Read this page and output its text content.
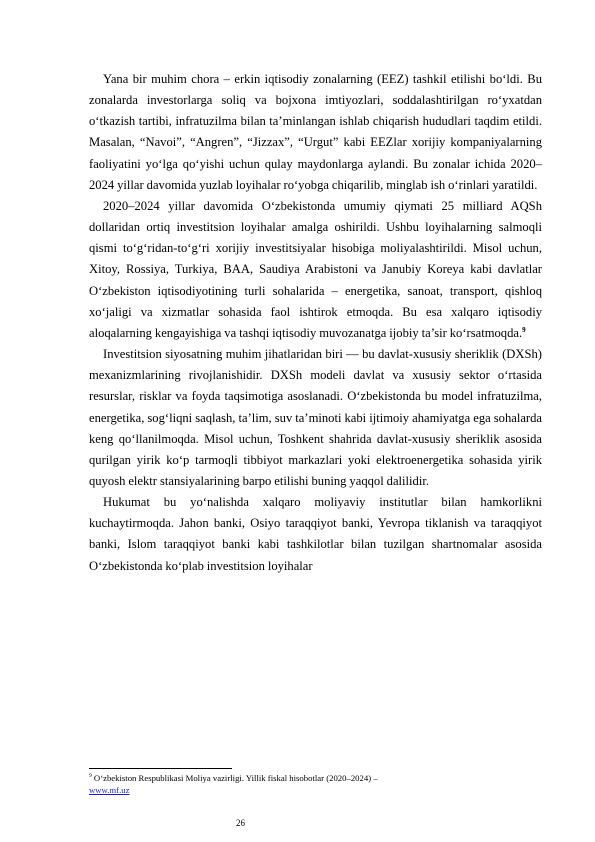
Yana bir muhim chora – erkin iqtisodiy zonalarning (EEZ) tashkil etilishi bo‘ldi. Bu zonalarda investorlarga soliq va bojxona imtiyozlari, soddalashtirilgan ro‘yxatdan o‘tkazish tartibi, infratuzilma bilan ta’minlangan ishlab chiqarish hududlari taqdim etildi. Masalan, “Navoi”, “Angren”, “Jizzax”, “Urgut” kabi EEZlar xorijiy kompaniyalarning faoliyatini yo‘lga qo‘yishi uchun qulay maydonlarga aylandi. Bu zonalar ichida 2020–2024 yillar davomida yuzlab loyihalar ro‘yobga chiqarilib, minglab ish o‘rinlari yaratildi.

2020–2024 yillar davomida O‘zbekistonda umumiy qiymati 25 milliard AQSh dollaridan ortiq investitsion loyihalar amalga oshirildi. Ushbu loyihalarning salmoqli qismi to‘g‘ridan-to‘g‘ri xorijiy investitsiyalar hisobiga moliyalashtirildi. Misol uchun, Xitoy, Rossiya, Turkiya, BAA, Saudiya Arabistoni va Janubiy Koreya kabi davlatlar O‘zbekiston iqtisodiyotining turli sohalarida – energetika, sanoat, transport, qishloq xo‘jaligi va xizmatlar sohasida faol ishtirok etmoqda. Bu esa xalqaro iqtisodiy aloqalarning kengayishiga va tashqi iqtisodiy muvozanatga ijobiy ta’sir ko‘rsatmoqda.$^9$

Investitsion siyosatning muhim jihatlaridan biri — bu davlat-xususiy sheriklik (DXSh) mexanizmlarining rivojlanishidir. DXSh modeli davlat va xususiy sektor o‘rtasida resurslar, risklar va foyda taqsimotiga asoslanadi. O‘zbekistonda bu model infratuzilma, energetika, sog‘liqni saqlash, ta’lim, suv ta’minoti kabi ijtimoiy ahamiyatga ega sohalarda keng qo‘llanilmoqda. Misol uchun, Toshkent shahrida davlat-xususiy sheriklik asosida qurilgan yirik ko‘p tarmoqli tibbiyot markazlari yoki elektroenergetika sohasida yirik quyosh elektr stansiyalarining barpo etilishi buning yaqqol dalilidir.

Hukumat bu yo‘nalishda xalqaro moliyaviy institutlar bilan hamkorlikni kuchaytirmoqda. Jahon banki, Osiyo taraqqiyot banki, Yevropa tiklanish va taraqqiyot banki, Islom taraqqiyot banki kabi tashkilotlar bilan tuzilgan shartnomalar asosida O‘zbekistonda ko‘plab investitsion loyihalar

$^9$ O‘zbekiston Respublikasi Moliya vazirligi. Yillik fiskal hisobotlar (2020–2024) –
www.mf.uz
26
